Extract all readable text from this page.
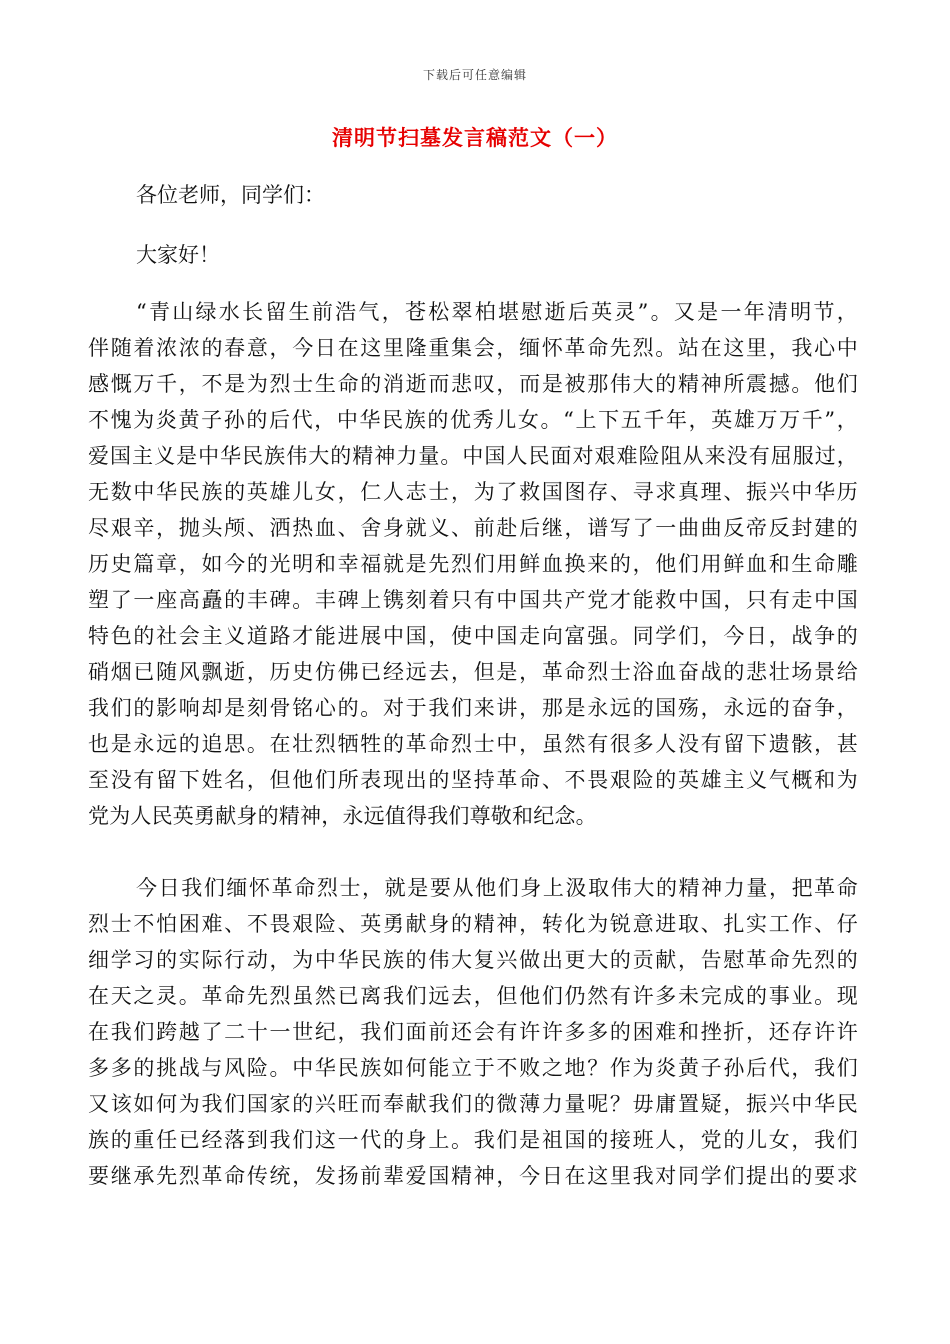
下载后可任意编辑
清明节扫墓发言稿范文（一）
各位老师，同学们：
大家好！
“青山绿水长留生前浩气，苍松翠柏堪慰逝后英灵”。又是一年清明节，
伴随着浓浓的春意，今日在这里隆重集会，缅怀革命先烈。站在这里，我心中
感慨万千，不是为烈士生命的消逝而悲叹，而是被那伟大的精神所震撼。他们
不愧为炎黄子孙的后代，中华民族的优秀儿女。“上下五千年，英雄万万千”，
爱国主义是中华民族伟大的精神力量。中国人民面对艰难险阻从来没有屈服过，
无数中华民族的英雄儿女，仁人志士，为了救国图存、寻求真理、振兴中华历
尽艰辛，抛头颅、洒热血、舍身就义、前赴后继，谱写了一曲曲反帝反封建的
历史篇章，如今的光明和幸福就是先烈们用鲜血换来的，他们用鲜血和生命雕
塑了一座高矗的丰碑。丰碑上镌刻着只有中国共产党才能救中国，只有走中国
特色的社会主义道路才能进展中国，使中国走向富强。同学们，今日，战争的
硝烟已随风飘逝，历史仿佛已经远去，但是，革命烈士浴血奋战的悲壮场景给
我们的影响却是刻骨铭心的。对于我们来讲，那是永远的国殇，永远的奋争，
也是永远的追思。在壮烈牺牲的革命烈士中，虽然有很多人没有留下遗骸，甚
至没有留下姓名，但他们所表现出的坚持革命、不畏艰险的英雄主义气概和为
党为人民英勇献身的精神，永远值得我们尊敬和纪念。
今日我们缅怀革命烈士，就是要从他们身上汲取伟大的精神力量，把革命
烈士不怕困难、不畏艰险、英勇献身的精神，转化为锐意进取、扎实工作、仔
细学习的实际行动，为中华民族的伟大复兴做出更大的贡献，告慰革命先烈的
在天之灵。革命先烈虽然已离我们远去，但他们仍然有许多未完成的事业。现
在我们跨越了二十一世纪，我们面前还会有许许多多的困难和挫折，还存许许
多多的挑战与风险。中华民族如何能立于不败之地？作为炎黄子孙后代，我们
又该如何为我们国家的兴旺而奉献我们的微薄力量呢？毋庸置疑，振兴中华民
族的重任已经落到我们这一代的身上。我们是祖国的接班人，党的儿女，我们
要继承先烈革命传统，发扬前辈爱国精神，今日在这里我对同学们提出的要求
